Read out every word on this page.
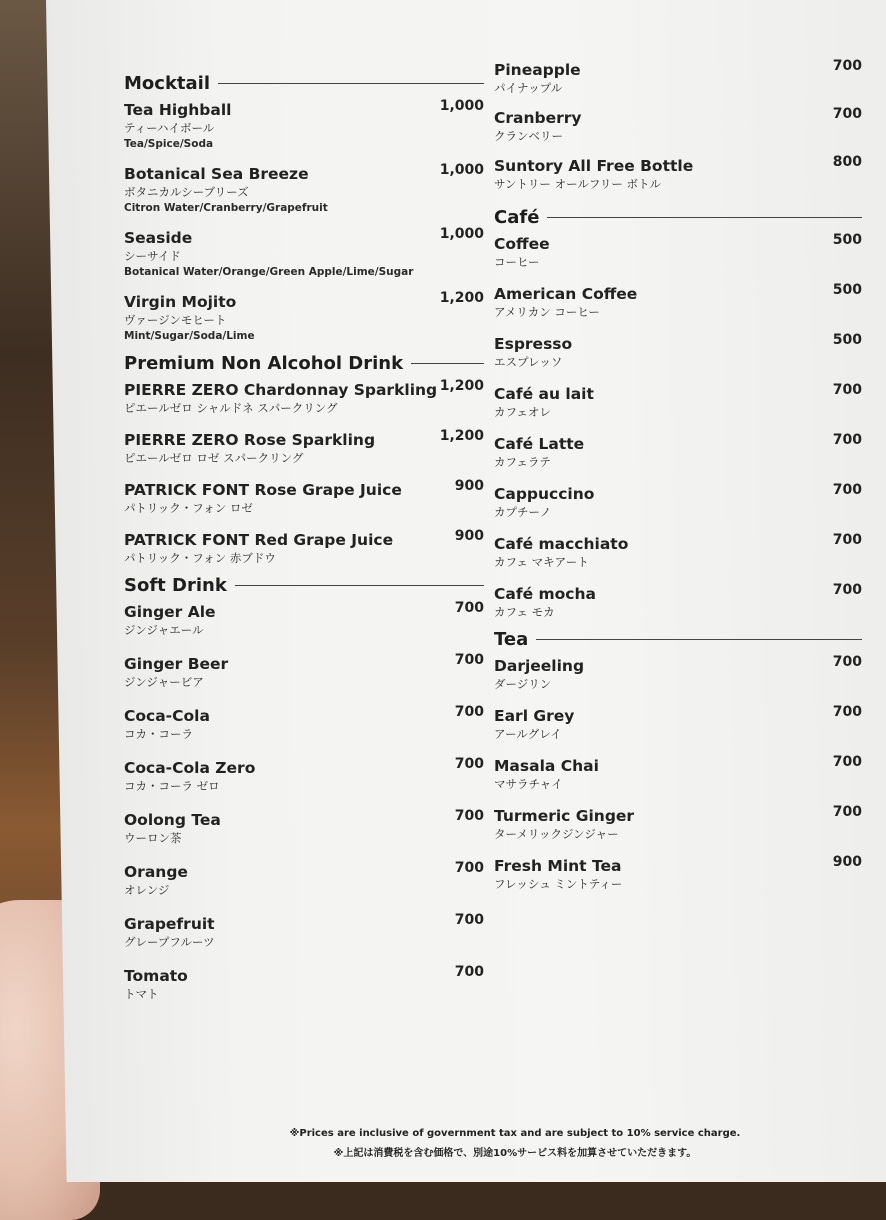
Mocktail
Tea Highball
ティーハイボール
Tea/Spice/Soda
1,000
Botanical Sea Breeze
ボタニカルシーブリーズ
Citron Water/Cranberry/Grapefruit
1,000
Seaside
シーサイド
Botanical Water/Orange/Green Apple/Lime/Sugar
1,000
Virgin Mojito
ヴァージンモヒート
Mint/Sugar/Soda/Lime
1,200
Premium Non Alcohol Drink
PIERRE ZERO Chardonnay Sparkling
ピエールゼロ シャルドネ スパークリング
1,200
PIERRE ZERO Rose Sparkling
ピエールゼロ ロゼ スパークリング
1,200
PATRICK FONT Rose Grape Juice
パトリック・フォン ロゼ
900
PATRICK FONT Red Grape Juice
パトリック・フォン 赤ブドウ
900
Soft Drink
Ginger Ale
ジンジャエール
700
Ginger Beer
ジンジャービア
700
Coca-Cola
コカ・コーラ
700
Coca-Cola Zero
コカ・コーラ ゼロ
700
Oolong Tea
ウーロン茶
700
Orange
オレンジ
700
Grapefruit
グレープフルーツ
700
Tomato
トマト
700
Pineapple
パイナップル
700
Cranberry
クランベリー
700
Suntory All Free Bottle
サントリー オールフリー ボトル
800
Café
Coffee
コーヒー
500
American Coffee
アメリカン コーヒー
500
Espresso
エスプレッソ
500
Café au lait
カフェオレ
700
Café Latte
カフェラテ
700
Cappuccino
カプチーノ
700
Café macchiato
カフェ マキアート
700
Café mocha
カフェ モカ
700
Tea
Darjeeling
ダージリン
700
Earl Grey
アールグレイ
700
Masala Chai
マサラチャイ
700
Turmeric Ginger
ターメリックジンジャー
700
Fresh Mint Tea
フレッシュ ミントティー
900
※Prices are inclusive of government tax and are subject to 10% service charge.
※上記は消費税を含む価格で、別途10%サービス料を加算させていただきます。
